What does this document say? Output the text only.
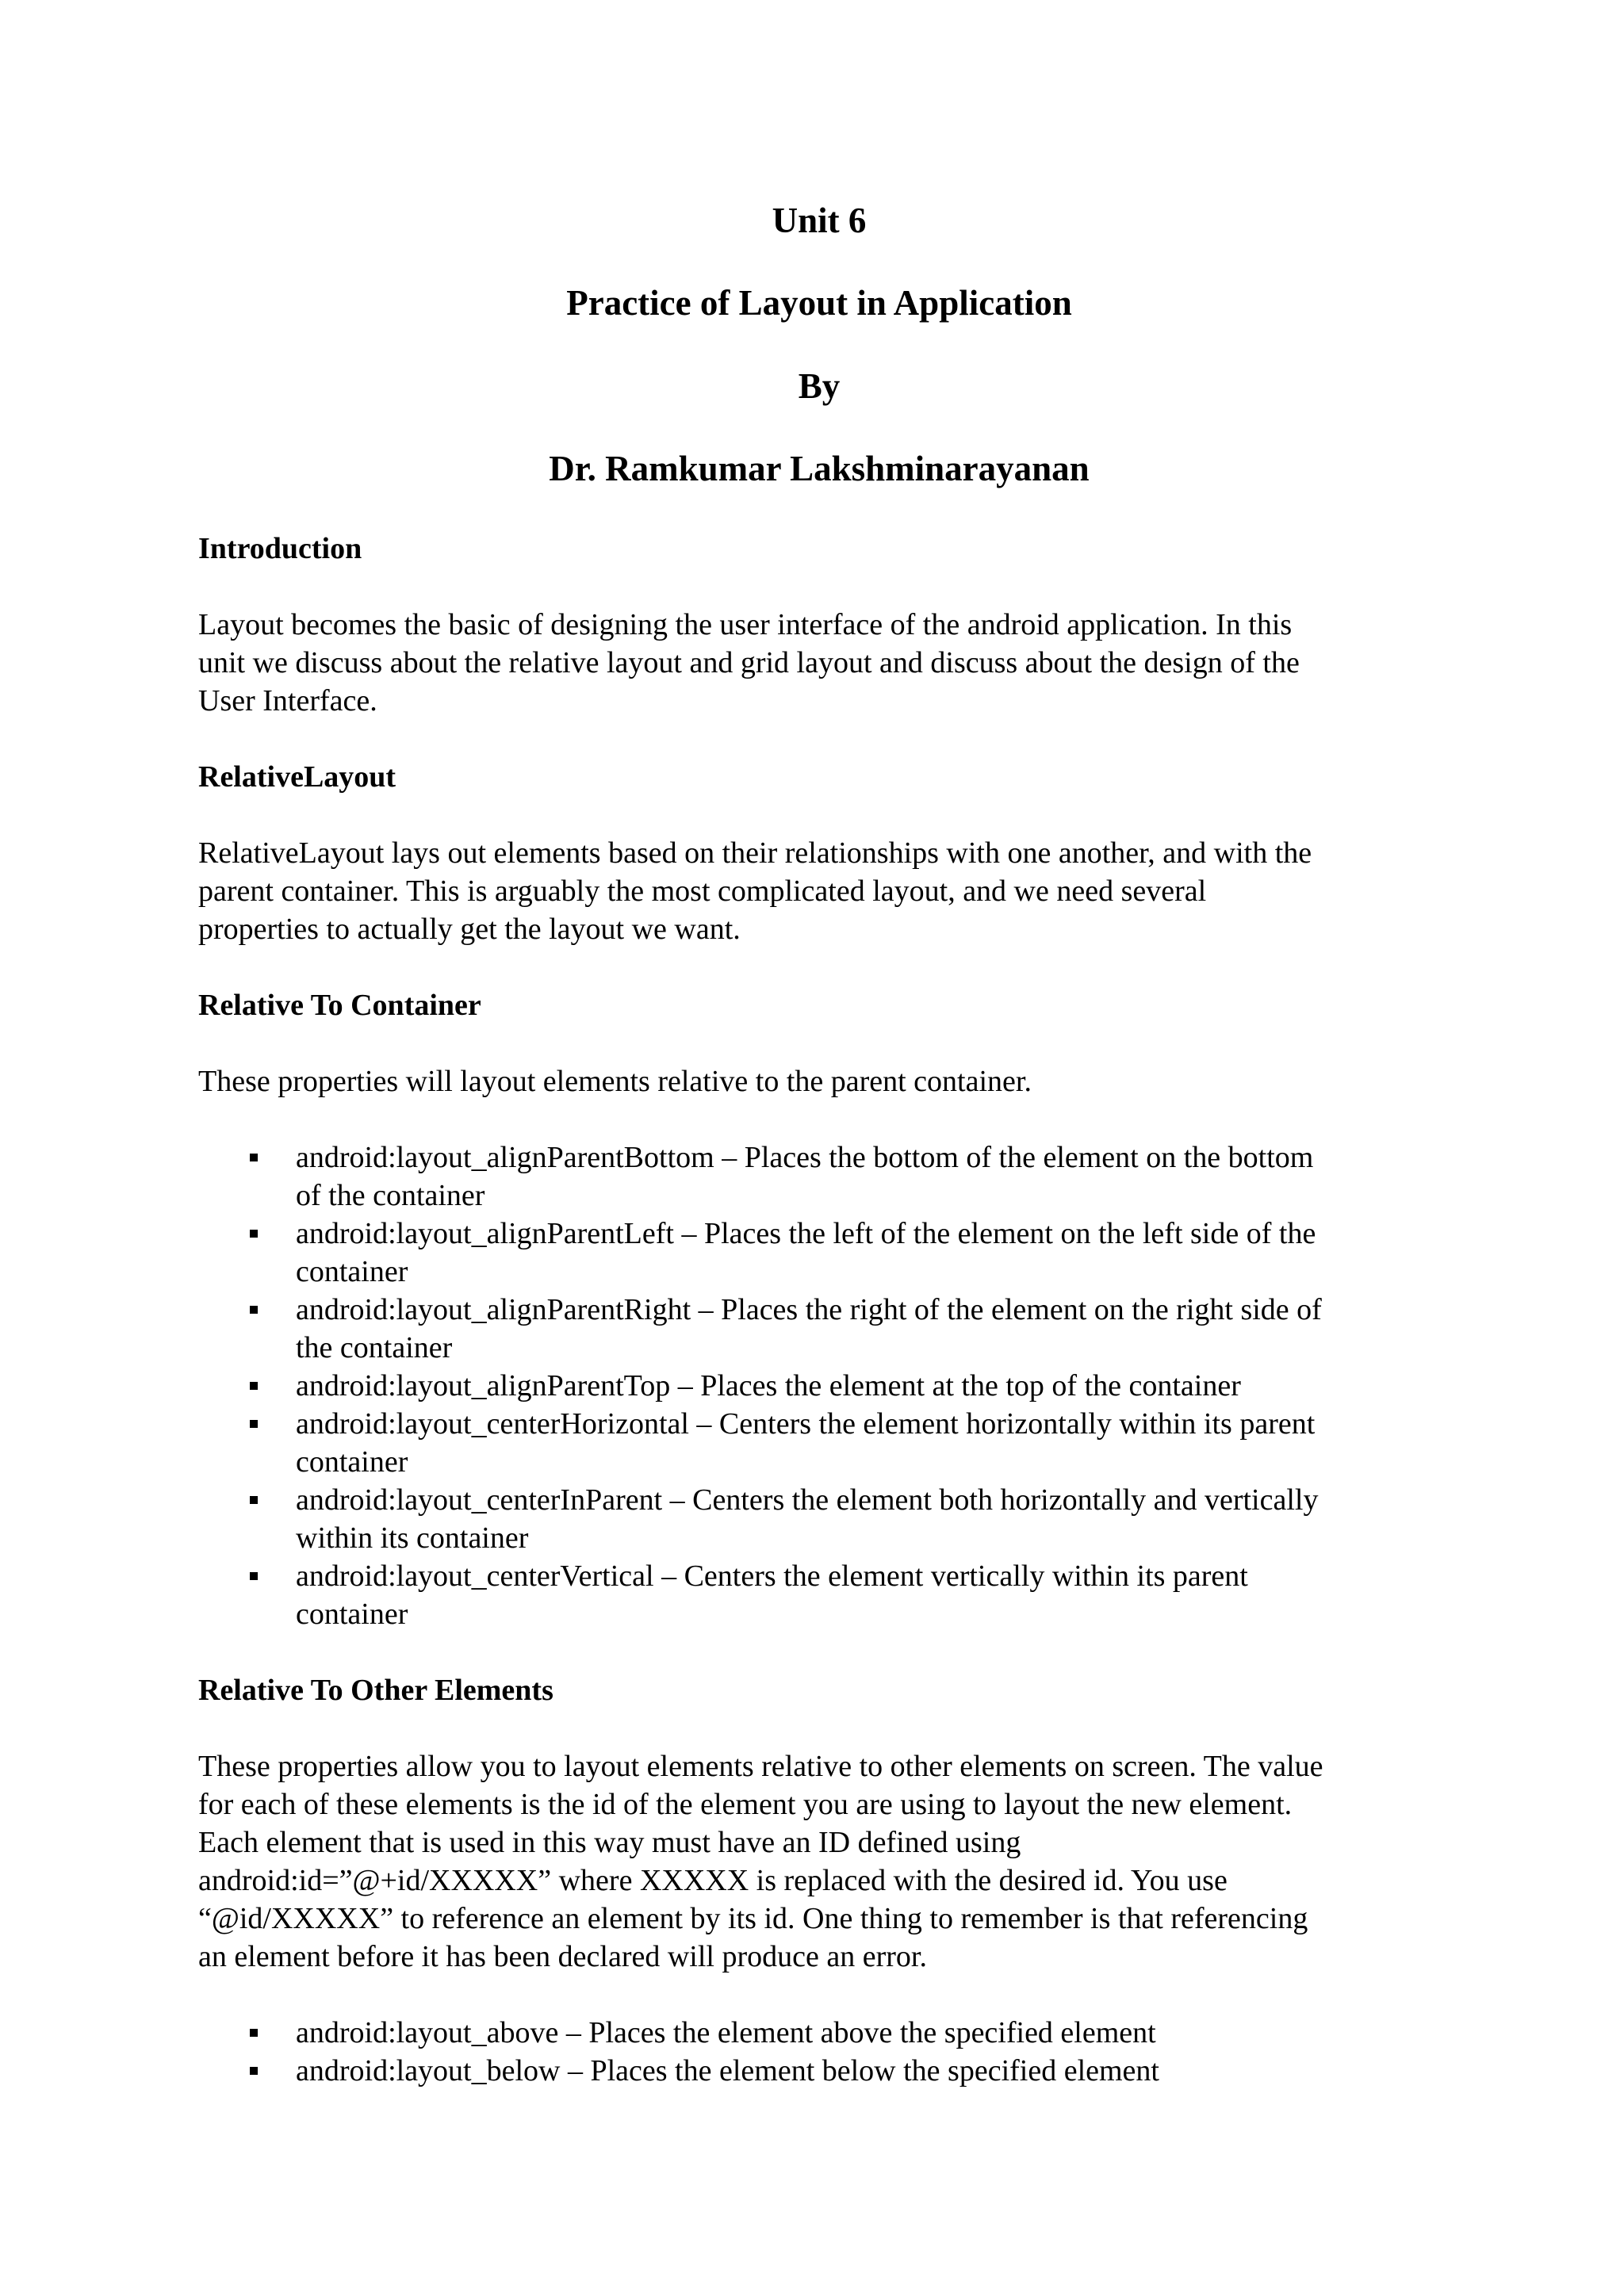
Unit 6
Practice of Layout in Application
By
Dr. Ramkumar Lakshminarayanan
Introduction

Layout becomes the basic of designing the user interface of the android application. In this
unit we discuss about the relative layout and grid layout and discuss about the design of the
User Interface.

RelativeLayout

RelativeLayout lays out elements based on their relationships with one another, and with the
parent container. This is arguably the most complicated layout, and we need several
properties to actually get the layout we want.

Relative To Container

These properties will layout elements relative to the parent container.

android:layout_alignParentBottom – Places the bottom of the element on the bottom
of the container
android:layout_alignParentLeft – Places the left of the element on the left side of the
container
android:layout_alignParentRight – Places the right of the element on the right side of
the container
android:layout_alignParentTop – Places the element at the top of the container
android:layout_centerHorizontal – Centers the element horizontally within its parent
container
android:layout_centerInParent – Centers the element both horizontally and vertically
within its container
android:layout_centerVertical – Centers the element vertically within its parent
container
Relative To Other Elements

These properties allow you to layout elements relative to other elements on screen. The value
for each of these elements is the id of the element you are using to layout the new element.
Each element that is used in this way must have an ID defined using
android:id=”@+id/XXXXX” where XXXXX is replaced with the desired id. You use
“@id/XXXXX” to reference an element by its id. One thing to remember is that referencing
an element before it has been declared will produce an error.

android:layout_above – Places the element above the specified element
android:layout_below – Places the element below the specified element
